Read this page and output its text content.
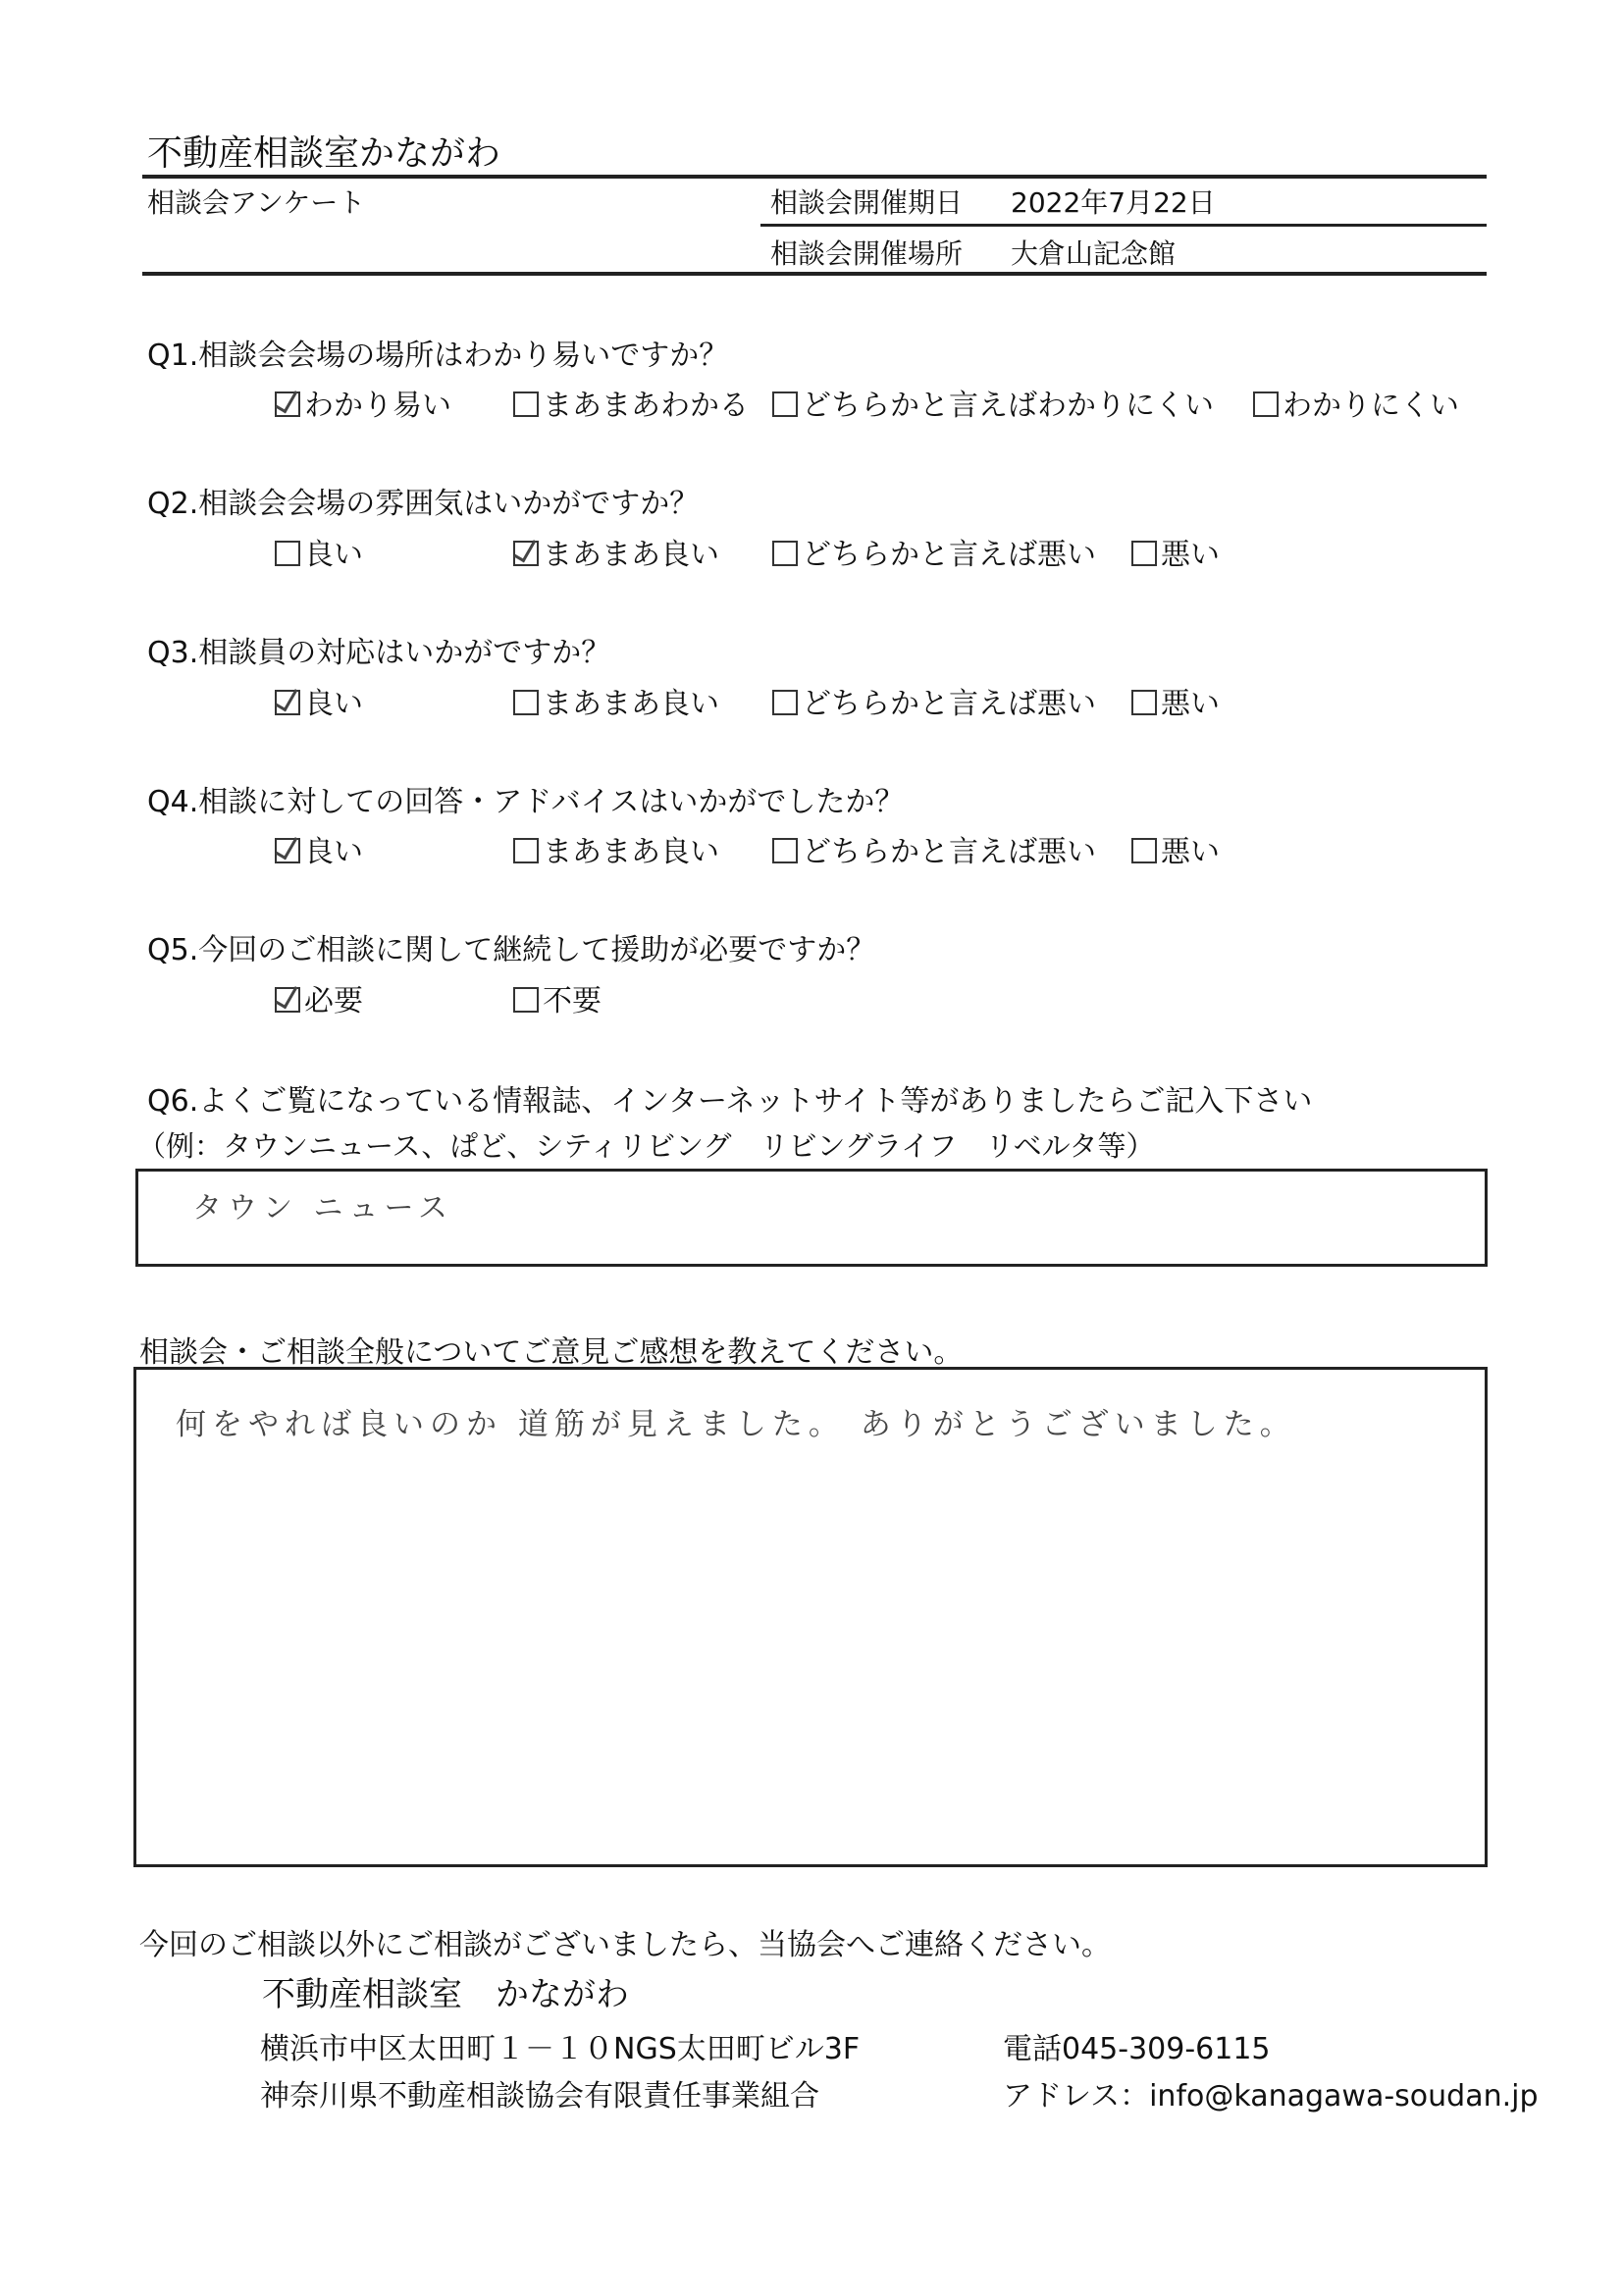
不動産相談室かながわ
相談会アンケート	相談会開催期日 2022年7月22日
相談会開催場所 大倉山記念館
Q1.相談会会場の場所はわかり易いですか？
わかり易い	まあまあわかる	どちらかと言えばわかりにくい	わかりにくい
Q2.相談会会場の雰囲気はいかがですか？
良い	まあまあ良い	どちらかと言えば悪い	悪い
Q3.相談員の対応はいかがですか？
良い	まあまあ良い	どちらかと言えば悪い	悪い
Q4.相談に対しての回答・アドバイスはいかがでしたか？
良い	まあまあ良い	どちらかと言えば悪い	悪い
Q5.今回のご相談に関して継続して援助が必要ですか？
必要	不要
Q6.よくご覧になっている情報誌、インターネットサイト等がありましたらご記入下さい
（例：タウンニュース、ぱど、シティリビング　リビングライフ　リベルタ等）
タウン ニュース
相談会・ご相談全般についてご意見ご感想を教えてください。
何をやれば良いのか 道筋が見えました。 ありがとうございました。
今回のご相談以外にご相談がございましたら、当協会へご連絡ください。
不動産相談室　かながわ
横浜市中区太田町１－１０NGS太田町ビル3F	電話045-309-6115
神奈川県不動産相談協会有限責任事業組合	アドレス：info@kanagawa-soudan.jp
